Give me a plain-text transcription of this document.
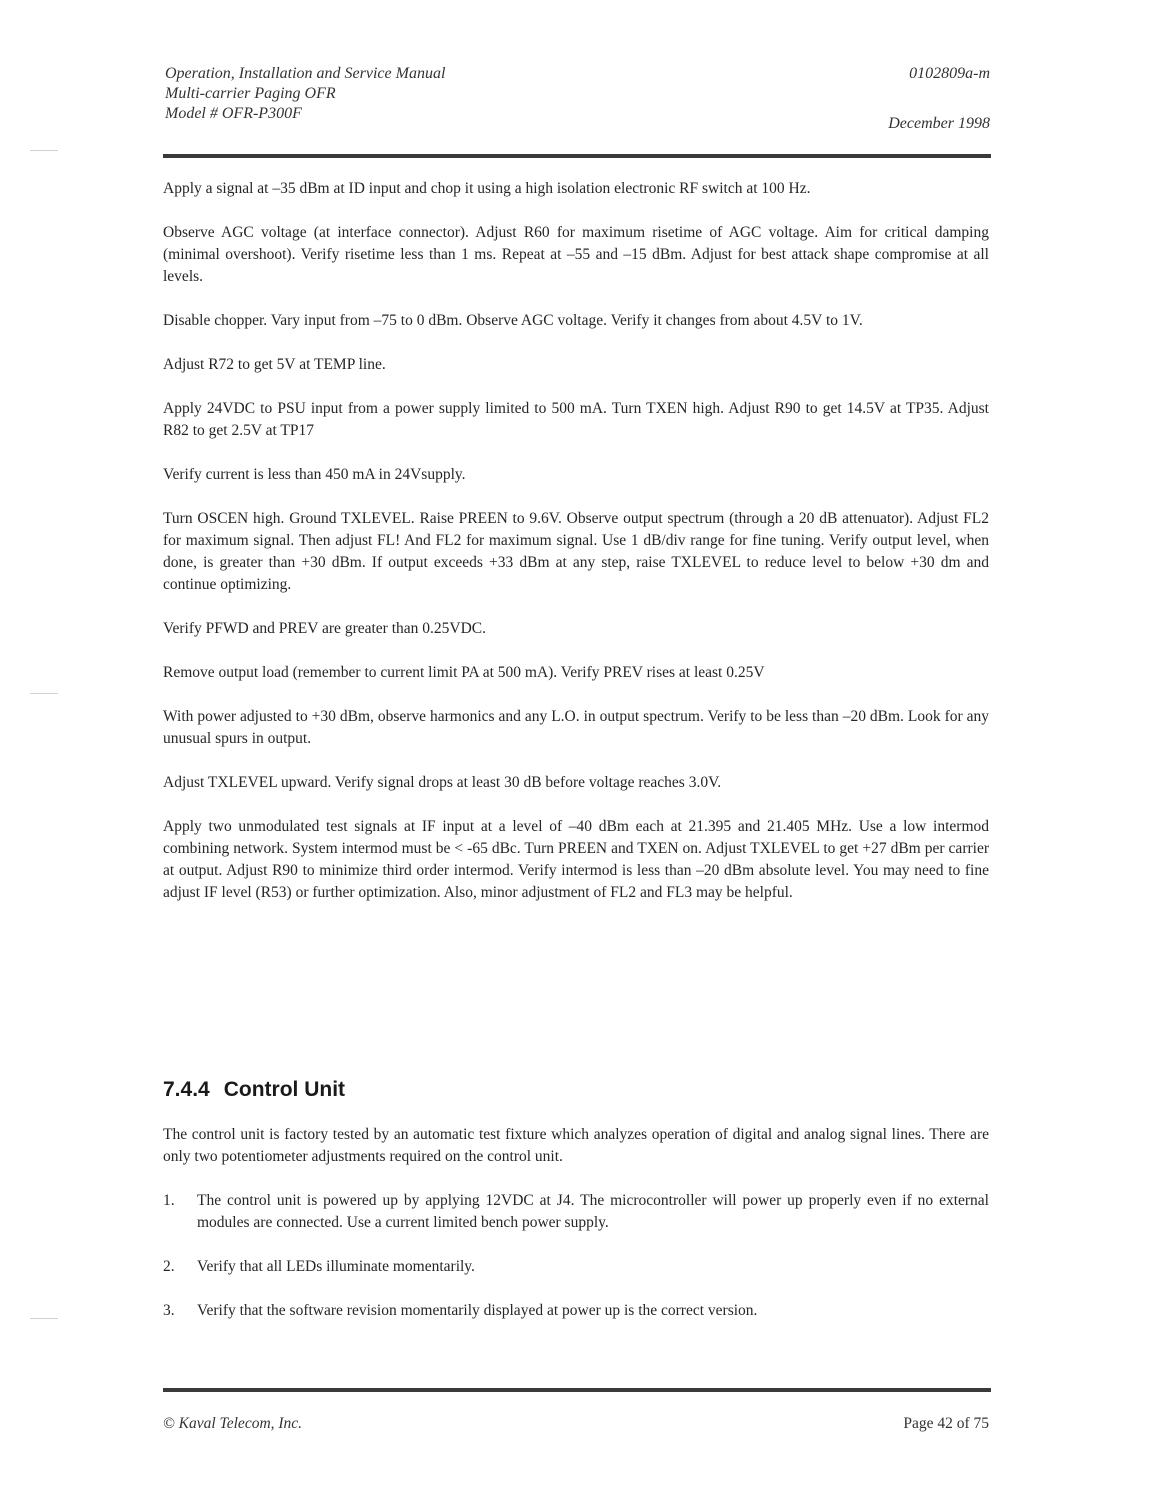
Operation, Installation and Service Manual
Multi-carrier Paging OFR
Model # OFR-P300F
0102809a-m
December 1998

Apply a signal at –35 dBm at ID input and chop it using a high isolation electronic RF switch at 100 Hz.

Observe AGC voltage (at interface connector). Adjust R60 for maximum risetime of AGC voltage. Aim for critical damping (minimal overshoot). Verify risetime less than 1 ms. Repeat at –55 and –15 dBm. Adjust for best attack shape compromise at all levels.

Disable chopper. Vary input from –75 to 0 dBm. Observe AGC voltage. Verify it changes from about 4.5V to 1V.

Adjust R72 to get 5V at TEMP line.

Apply 24VDC to PSU input from a power supply limited to 500 mA. Turn TXEN high. Adjust R90 to get 14.5V at TP35. Adjust R82 to get 2.5V at TP17

Verify current is less than 450 mA in 24Vsupply.

Turn OSCEN high. Ground TXLEVEL. Raise PREEN to 9.6V. Observe output spectrum (through a 20 dB attenuator). Adjust FL2 for maximum signal. Then adjust FL! And FL2 for maximum signal. Use 1 dB/div range for fine tuning. Verify output level, when done, is greater than +30 dBm. If output exceeds +33 dBm at any step, raise TXLEVEL to reduce level to below +30 dm and continue optimizing.

Verify PFWD and PREV are greater than 0.25VDC.

Remove output load (remember to current limit PA at 500 mA). Verify PREV rises at least 0.25V

With power adjusted to +30 dBm, observe harmonics and any L.O. in output spectrum. Verify to be less than –20 dBm. Look for any unusual spurs in output.

Adjust TXLEVEL upward. Verify signal drops at least 30 dB before voltage reaches 3.0V.

Apply two unmodulated test signals at IF input at a level of –40 dBm each at 21.395 and 21.405 MHz. Use a low intermod combining network. System intermod must be < -65 dBc. Turn PREEN and TXEN on. Adjust TXLEVEL to get +27 dBm per carrier at output. Adjust R90 to minimize third order intermod. Verify intermod is less than –20 dBm absolute level. You may need to fine adjust IF level (R53) or further optimization. Also, minor adjustment of FL2 and FL3 may be helpful.

7.4.4 Control Unit

The control unit is factory tested by an automatic test fixture which analyzes operation of digital and analog signal lines. There are only two potentiometer adjustments required on the control unit.

1. The control unit is powered up by applying 12VDC at J4. The microcontroller will power up properly even if no external modules are connected. Use a current limited bench power supply.
2. Verify that all LEDs illuminate momentarily.
3. Verify that the software revision momentarily displayed at power up is the correct version.
© Kaval Telecom, Inc.	Page 42 of 75
